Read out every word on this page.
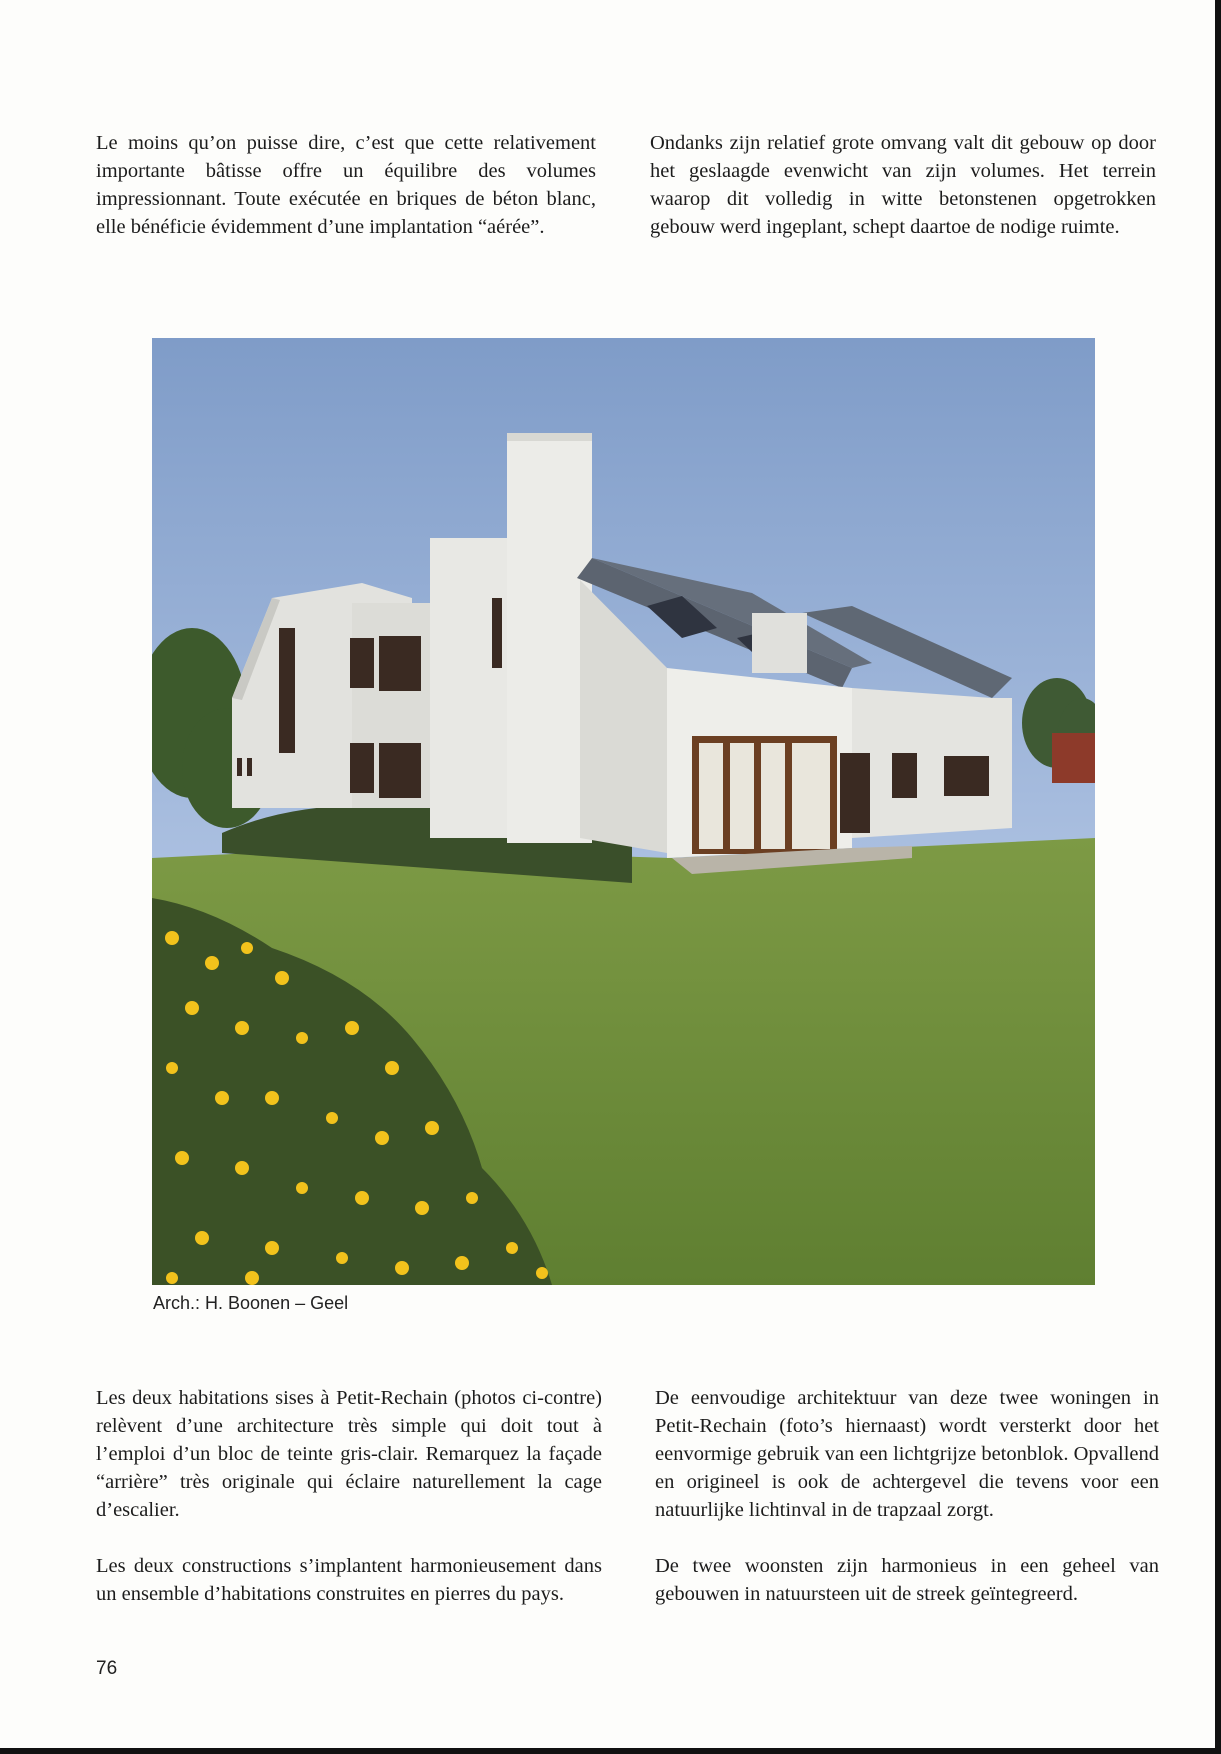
Le moins qu’on puisse dire, c’est que cette relativement importante bâtisse offre un équilibre des volumes impressionnant. Toute exécutée en briques de béton blanc, elle bénéficie évidemment d’une implantation “aérée”.

Ondanks zijn relatief grote omvang valt dit gebouw op door het geslaagde evenwicht van zijn volumes. Het terrein waarop dit volledig in witte betonstenen opgetrokken gebouw werd ingeplant, schept daartoe de nodige ruimte.

Arch.: H. Boonen – Geel

Les deux habitations sises à Petit-Rechain (photos ci-contre) relèvent d’une architecture très simple qui doit tout à l’emploi d’un bloc de teinte gris-clair. Remarquez la façade “arrière” très originale qui éclaire naturellement la cage d’escalier.

Les deux constructions s’implantent harmonieusement dans un ensemble d’habitations construites en pierres du pays.

De eenvoudige architektuur van deze twee woningen in Petit-Rechain (foto’s hiernaast) wordt versterkt door het eenvormige gebruik van een lichtgrijze betonblok. Opvallend en origineel is ook de achtergevel die tevens voor een natuurlijke lichtinval in de trapzaal zorgt.

De twee woonsten zijn harmonieus in een geheel van gebouwen in natuursteen uit de streek geïntegreerd.

76
